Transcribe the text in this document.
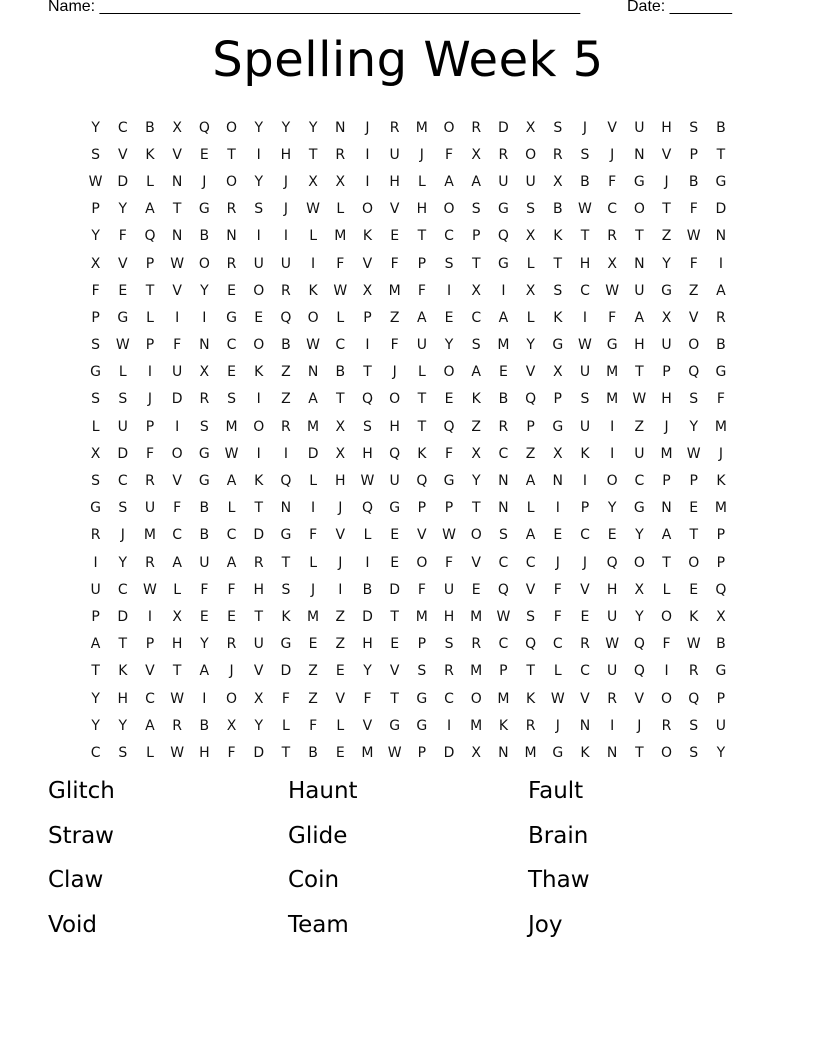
Name: ______________________________________________________	Date: _______
Spelling Week 5
Y	C	B	X	Q	O	Y	Y	Y	N	J	R	M	O	R	D	X	S	J	V	U	H	S	B
S	V	K	V	E	T	I	H	T	R	I	U	J	F	X	R	O	R	S	J	N	V	P	T
W	D	L	N	J	O	Y	J	X	X	I	H	L	A	A	U	U	X	B	F	G	J	B	G
P	Y	A	T	G	R	S	J	W	L	O	V	H	O	S	G	S	B	W	C	O	T	F	D
Y	F	Q	N	B	N	I	I	L	M	K	E	T	C	P	Q	X	K	T	R	T	Z	W	N
X	V	P	W	O	R	U	U	I	F	V	F	P	S	T	G	L	T	H	X	N	Y	F	I
F	E	T	V	Y	E	O	R	K	W	X	M	F	I	X	I	X	S	C	W	U	G	Z	A
P	G	L	I	I	G	E	Q	O	L	P	Z	A	E	C	A	L	K	I	F	A	X	V	R
S	W	P	F	N	C	O	B	W	C	I	F	U	Y	S	M	Y	G	W	G	H	U	O	B
G	L	I	U	X	E	K	Z	N	B	T	J	L	O	A	E	V	X	U	M	T	P	Q	G
S	S	J	D	R	S	I	Z	A	T	Q	O	T	E	K	B	Q	P	S	M	W	H	S	F
L	U	P	I	S	M	O	R	M	X	S	H	T	Q	Z	R	P	G	U	I	Z	J	Y	M
X	D	F	O	G	W	I	I	D	X	H	Q	K	F	X	C	Z	X	K	I	U	M	W	J
S	C	R	V	G	A	K	Q	L	H	W	U	Q	G	Y	N	A	N	I	O	C	P	P	K
G	S	U	F	B	L	T	N	I	J	Q	G	P	P	T	N	L	I	P	Y	G	N	E	M
R	J	M	C	B	C	D	G	F	V	L	E	V	W	O	S	A	E	C	E	Y	A	T	P
I	Y	R	A	U	A	R	T	L	J	I	E	O	F	V	C	C	J	J	Q	O	T	O	P
U	C	W	L	F	F	H	S	J	I	B	D	F	U	E	Q	V	F	V	H	X	L	E	Q
P	D	I	X	E	E	T	K	M	Z	D	T	M	H	M	W	S	F	E	U	Y	O	K	X
A	T	P	H	Y	R	U	G	E	Z	H	E	P	S	R	C	Q	C	R	W	Q	F	W	B
T	K	V	T	A	J	V	D	Z	E	Y	V	S	R	M	P	T	L	C	U	Q	I	R	G
Y	H	C	W	I	O	X	F	Z	V	F	T	G	C	O	M	K	W	V	R	V	O	Q	P
Y	Y	A	R	B	X	Y	L	F	L	V	G	G	I	M	K	R	J	N	I	J	R	S	U
C	S	L	W	H	F	D	T	B	E	M	W	P	D	X	N	M	G	K	N	T	O	S	Y
Glitch	Haunt	Fault
Straw	Glide	Brain
Claw	Coin	Thaw
Void	Team	Joy
